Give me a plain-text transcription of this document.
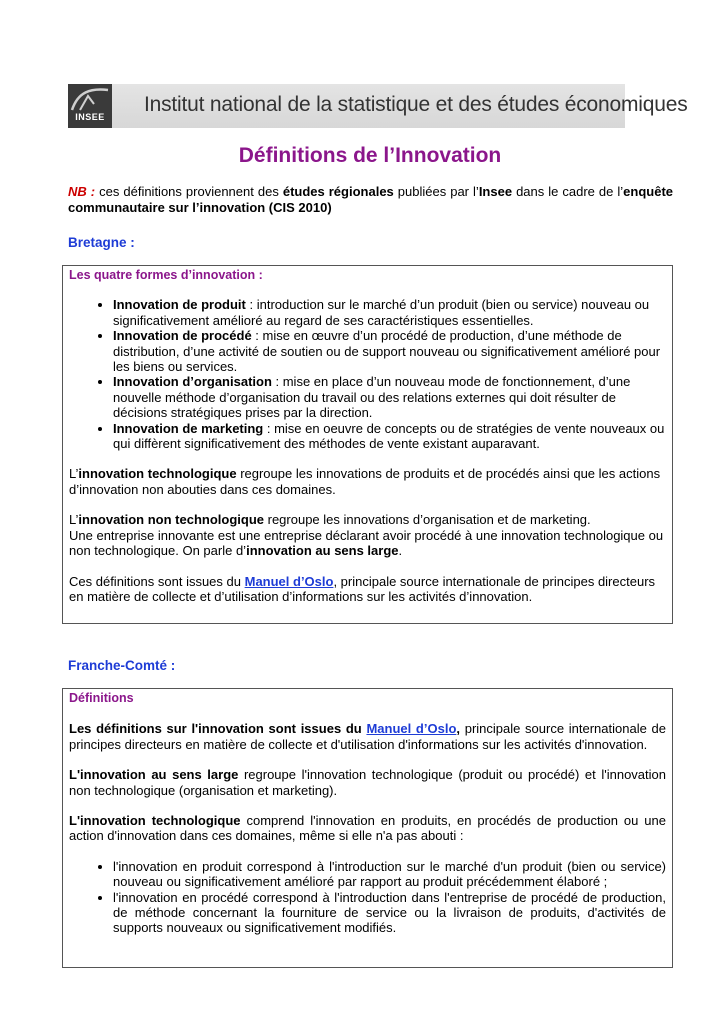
INSEE
Institut national de la statistique et des études économiques
Définitions de l’Innovation
NB : ces définitions proviennent des études régionales publiées par l’Insee dans le cadre de l’enquête communautaire sur l’innovation (CIS 2010)
Bretagne :
Les quatre formes d’innovation :
• Innovation de produit : introduction sur le marché d’un produit (bien ou service) nouveau ou significativement amélioré au regard de ses caractéristiques essentielles.
• Innovation de procédé : mise en œuvre d’un procédé de production, d’une méthode de distribution, d’une activité de soutien ou de support nouveau ou significativement amélioré pour les biens ou services.
• Innovation d’organisation : mise en place d’un nouveau mode de fonctionnement, d’une nouvelle méthode d’organisation du travail ou des relations externes qui doit résulter de décisions stratégiques prises par la direction.
• Innovation de marketing : mise en oeuvre de concepts ou de stratégies de vente nouveaux ou qui diffèrent significativement des méthodes de vente existant auparavant.

L’innovation technologique regroupe les innovations de produits et de procédés ainsi que les actions d’innovation non abouties dans ces domaines.

L’innovation non technologique regroupe les innovations d’organisation et de marketing.

Une entreprise innovante est une entreprise déclarant avoir procédé à une innovation technologique ou non technologique. On parle d’innovation au sens large.

Ces définitions sont issues du Manuel d’Oslo, principale source internationale de principes directeurs en matière de collecte et d’utilisation d’informations sur les activités d’innovation.

Franche-Comté :
Définitions

Les définitions sur l'innovation sont issues du Manuel d’Oslo, principale source internationale de principes directeurs en matière de collecte et d'utilisation d'informations sur les activités d'innovation.

L'innovation au sens large regroupe l'innovation technologique (produit ou procédé) et l'innovation non technologique (organisation et marketing).

L'innovation technologique comprend l'innovation en produits, en procédés de production ou une action d'innovation dans ces domaines, même si elle n'a pas abouti :

• l'innovation en produit correspond à l'introduction sur le marché d'un produit (bien ou service) nouveau ou significativement amélioré par rapport au produit précédemment élaboré ;
• l'innovation en procédé correspond à l'introduction dans l'entreprise de procédé de production, de méthode concernant la fourniture de service ou la livraison de produits, d'activités de supports nouveaux ou significativement modifiés.
